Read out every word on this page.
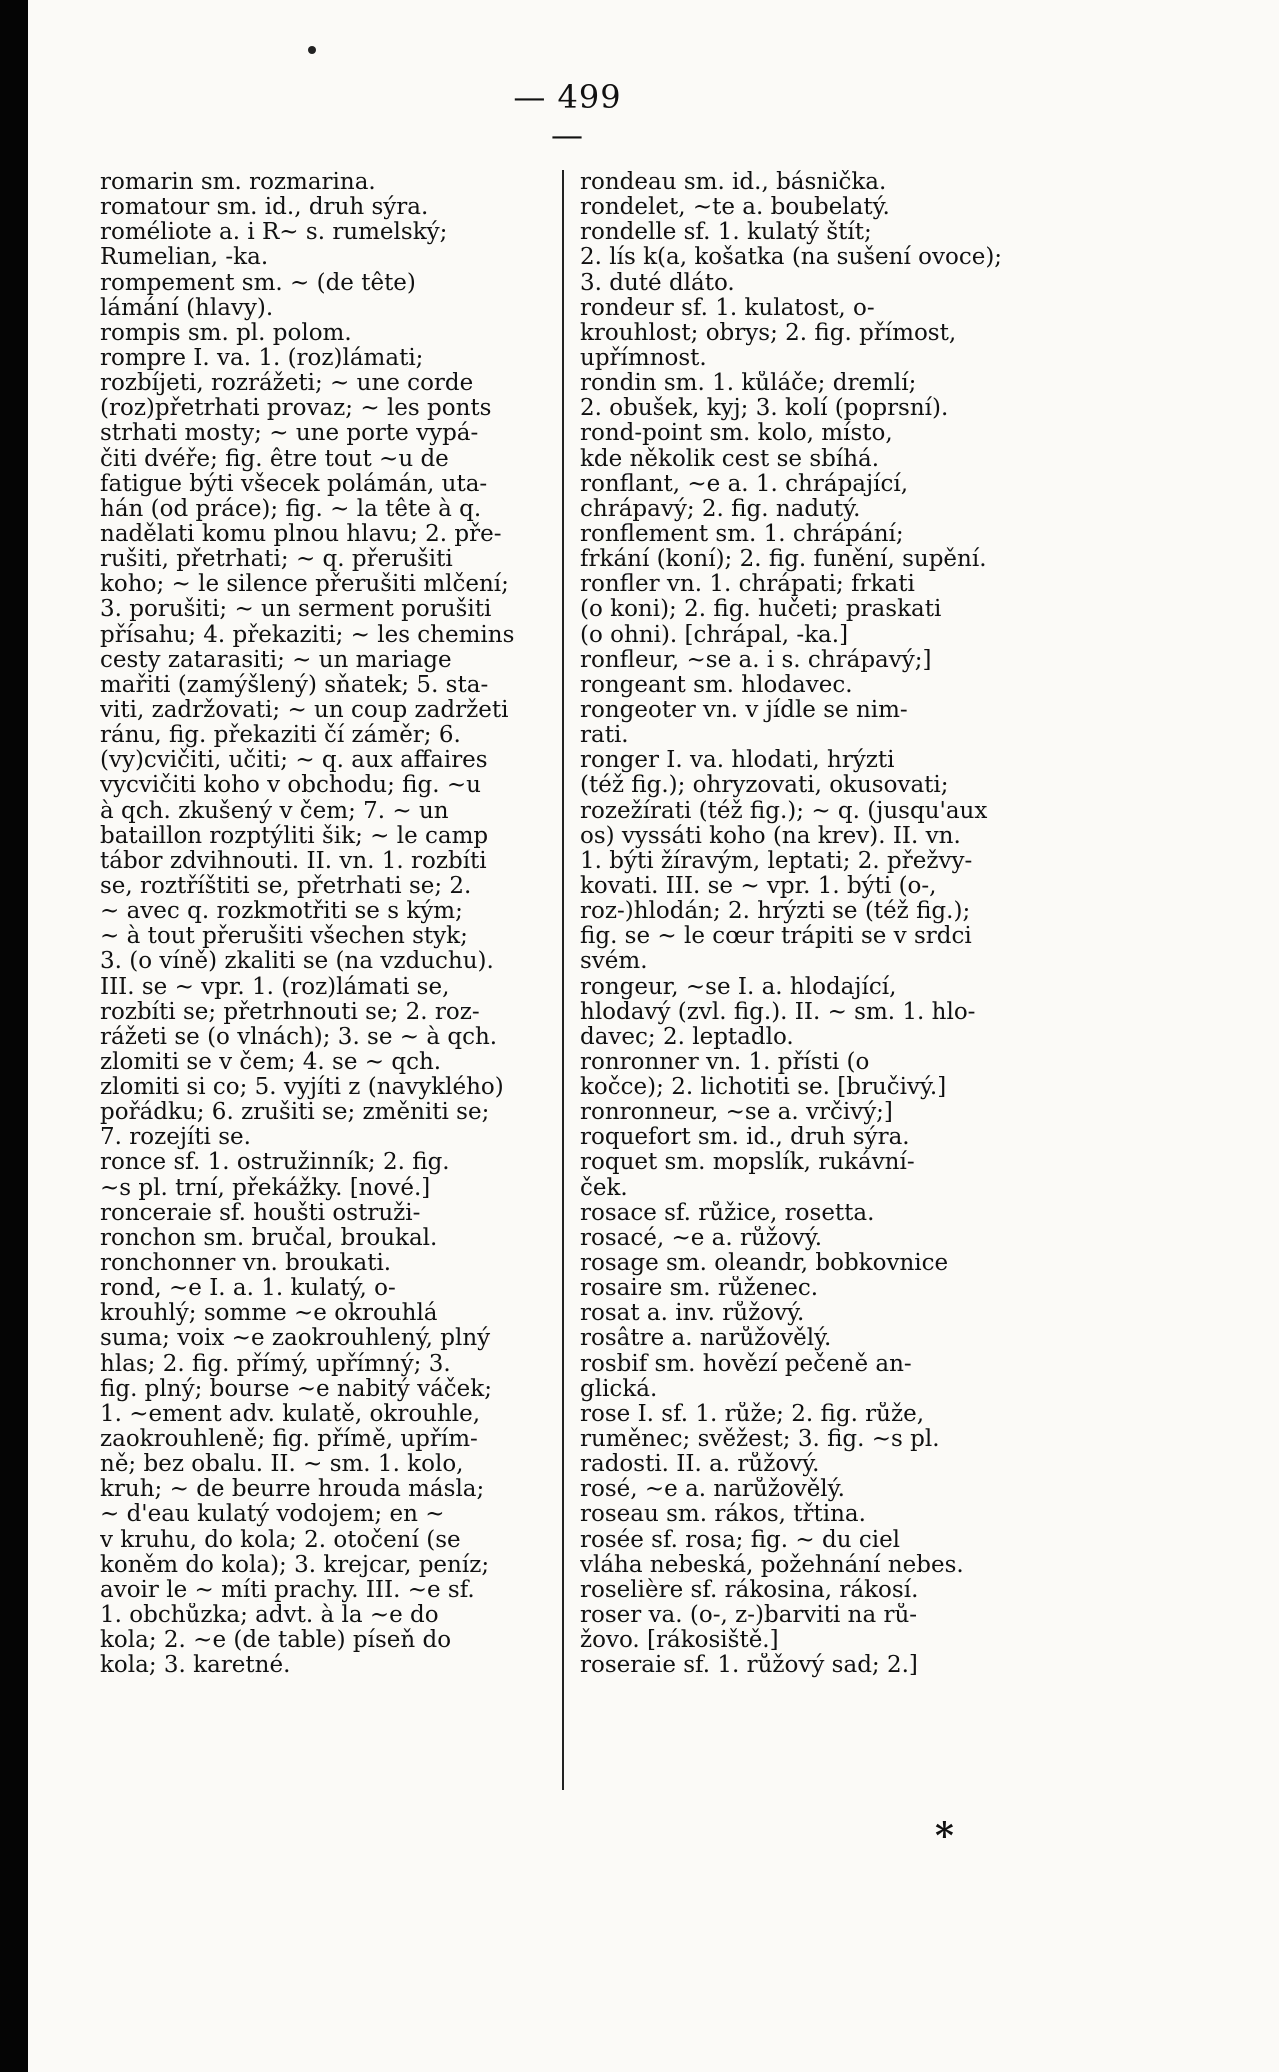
— 499 —
romarin sm. rozmarina.
romatour sm. id., druh sýra.
roméliote a. i R~ s. rumelský;
Rumelian, -ka.
rompement sm. ~ (de tête)
lámání (hlavy).
rompis sm. pl. polom.
rompre I. va. 1. (roz)lámati;
rozbíjeti, rozrážeti; ~ une corde
(roz)přetrhati provaz; ~ les ponts
strhati mosty; ~ une porte vypá-
čiti dvéře; fig. être tout ~u de
fatigue býti všecek polámán, uta-
hán (od práce); fig. ~ la tête à q.
nadělati komu plnou hlavu; 2. pře-
rušiti, přetrhati; ~ q. přerušiti
koho; ~ le silence přerušiti mlčení;
3. porušiti; ~ un serment porušiti
přísahu; 4. překaziti; ~ les chemins
cesty zatarasiti; ~ un mariage
mařiti (zamýšlený) sňatek; 5. sta-
viti, zadržovati; ~ un coup zadržeti
ránu, fig. překaziti čí záměr; 6.
(vy)cvičiti, učiti; ~ q. aux affaires
vycvičiti koho v obchodu; fig. ~u
à qch. zkušený v čem; 7. ~ un
bataillon rozptýliti šik; ~ le camp
tábor zdvihnouti. II. vn. 1. rozbíti
se, roztříštiti se, přetrhati se; 2.
~ avec q. rozkmotřiti se s kým;
~ à tout přerušiti všechen styk;
3. (o víně) zkaliti se (na vzduchu).
III. se ~ vpr. 1. (roz)lámati se,
rozbíti se; přetrhnouti se; 2. roz-
rážeti se (o vlnách); 3. se ~ à qch.
zlomiti se v čem; 4. se ~ qch.
zlomiti si co; 5. vyjíti z (navyklého)
pořádku; 6. zrušiti se; změniti se;
7. rozejíti se.
ronce sf. 1. ostružinník; 2. fig.
~s pl. trní, překážky. [nové.]
ronceraie sf. houšti ostruži-
ronchon sm. bručal, broukal.
ronchonner vn. broukati.
rond, ~e I. a. 1. kulatý, o-
krouhlý; somme ~e okrouhlá
suma; voix ~e zaokrouhlený, plný
hlas; 2. fig. přímý, upřímný; 3.
fig. plný; bourse ~e nabitý váček;
1. ~ement adv. kulatě, okrouhle,
zaokrouhleně; fig. přímě, upřím-
ně; bez obalu. II. ~ sm. 1. kolo,
kruh; ~ de beurre hrouda másla;
~ d'eau kulatý vodojem; en ~
v kruhu, do kola; 2. otočení (se
koněm do kola); 3. krejcar, peníz;
avoir le ~ míti prachy. III. ~e sf.
1. obchůzka; advt. à la ~e do
kola; 2. ~e (de table) píseň do
kola; 3. karetné.
rondeau sm. id., básnička.
rondelet, ~te a. boubelatý.
rondelle sf. 1. kulatý štít;
2. lís k(a, košatka (na sušení ovoce);
3. duté dláto.
rondeur sf. 1. kulatost, o-
krouhlost; obrys; 2. fig. přímost,
upřímnost.
rondin sm. 1. kůláče; dremlí;
2. obušek, kyj; 3. kolí (poprsní).
rond-point sm. kolo, místo,
kde několik cest se sbíhá.
ronflant, ~e a. 1. chrápající,
chrápavý; 2. fig. nadutý.
ronflement sm. 1. chrápání;
frkání (koní); 2. fig. funění, supění.
ronfler vn. 1. chrápati; frkati
(o koni); 2. fig. hučeti; praskati
(o ohni). [chrápal, -ka.]
ronfleur, ~se a. i s. chrápavý;]
rongeant sm. hlodavec.
rongeoter vn. v jídle se nim-
rati.
ronger I. va. hlodati, hrýzti
(též fig.); ohryzovati, okusovati;
rozežírati (též fig.); ~ q. (jusqu'aux
os) vyssáti koho (na krev). II. vn.
1. býti žíravým, leptati; 2. přežvy-
kovati. III. se ~ vpr. 1. býti (o-,
roz-)hlodán; 2. hrýzti se (též fig.);
fig. se ~ le cœur trápiti se v srdci
svém.
rongeur, ~se I. a. hlodající,
hlodavý (zvl. fig.). II. ~ sm. 1. hlo-
davec; 2. leptadlo.
ronronner vn. 1. přísti (o
kočce); 2. lichotiti se. [bručivý.]
ronronneur, ~se a. vrčivý;]
roquefort sm. id., druh sýra.
roquet sm. mopslík, rukávní-
ček.
rosace sf. růžice, rosetta.
rosacé, ~e a. růžový.
rosage sm. oleandr, bobkovnice
rosaire sm. růženec.
rosat a. inv. růžový.
rosâtre a. narůžovělý.
rosbif sm. hovězí pečeně an-
glická.
rose I. sf. 1. růže; 2. fig. růže,
ruměnec; svěžest; 3. fig. ~s pl.
radosti. II. a. růžový.
rosé, ~e a. narůžovělý.
roseau sm. rákos, třtina.
rosée sf. rosa; fig. ~ du ciel
vláha nebeská, požehnání nebes.
roselière sf. rákosina, rákosí.
roser va. (o-, z-)barviti na rů-
žovo. [rákosiště.]
roseraie sf. 1. růžový sad; 2.]
*
